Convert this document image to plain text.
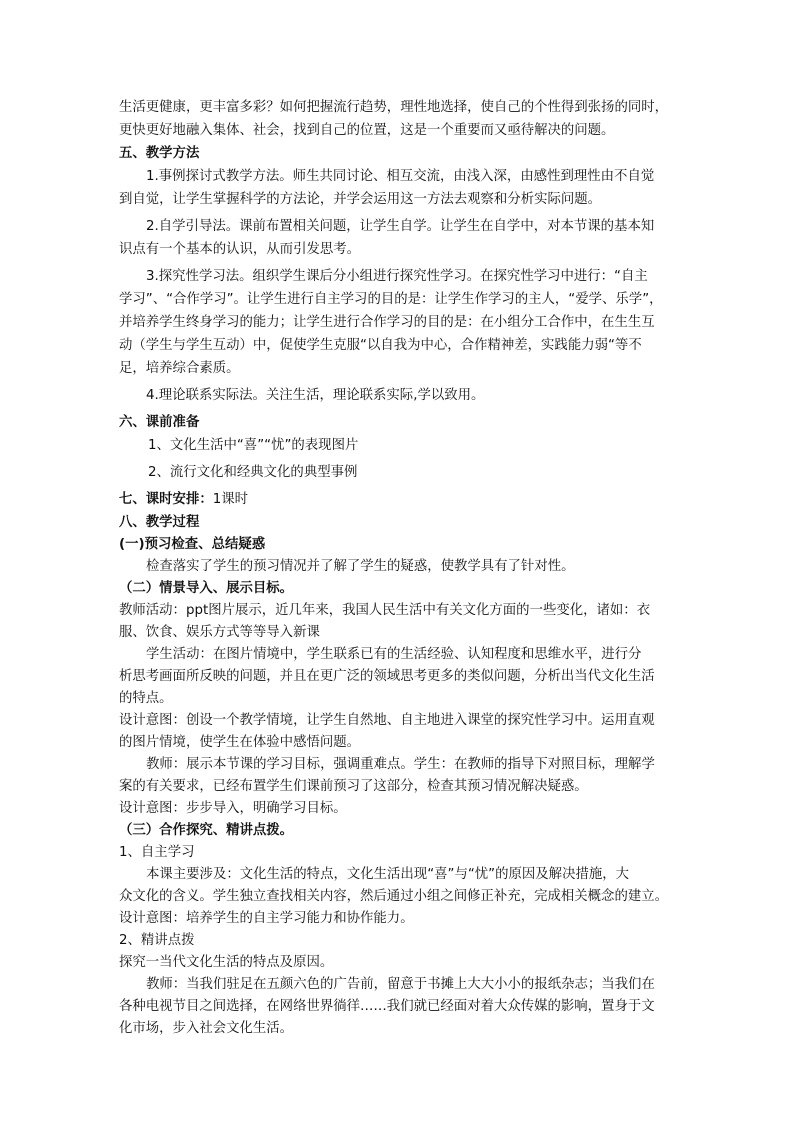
生活更健康，更丰富多彩？如何把握流行趋势，理性地选择，使自己的个性得到张扬的同时，
更快更好地融入集体、社会，找到自己的位置，这是一个重要而又亟待解决的问题。
五、教学方法
1.事例探讨式教学方法。师生共同讨论、相互交流，由浅入深，由感性到理性由不自觉
到自觉，让学生掌握科学的方法论，并学会运用这一方法去观察和分析实际问题。
2.自学引导法。课前布置相关问题，让学生自学。让学生在自学中，对本节课的基本知
识点有一个基本的认识，从而引发思考。
3.探究性学习法。组织学生课后分小组进行探究性学习。在探究性学习中进行：“自主
学习”、“合作学习”。让学生进行自主学习的目的是：让学生作学习的主人，“爱学、乐学”，
并培养学生终身学习的能力；让学生进行合作学习的目的是：在小组分工合作中，在生生互
动（学生与学生互动）中，促使学生克服“以自我为中心，合作精神差，实践能力弱“等不
足，培养综合素质。
4.理论联系实际法。关注生活，理论联系实际,学以致用。
六、课前准备
1、文化生活中“喜”“忧”的表现图片
2、流行文化和经典文化的典型事例
七、课时安排：1课时
八、教学过程
(一)预习检查、总结疑惑
检查落实了学生的预习情况并了解了学生的疑惑，使教学具有了针对性。
（二）情景导入、展示目标。
教师活动：ppt图片展示，近几年来，我国人民生活中有关文化方面的一些变化，诸如：衣
服、饮食、娱乐方式等等导入新课
学生活动：在图片情境中，学生联系已有的生活经验、认知程度和思维水平，进行分
析思考画面所反映的问题，并且在更广泛的领域思考更多的类似问题，分析出当代文化生活
的特点。
设计意图：创设一个教学情境，让学生自然地、自主地进入课堂的探究性学习中。运用直观
的图片情境，使学生在体验中感悟问题。
教师：展示本节课的学习目标，强调重难点。学生：在教师的指导下对照目标，理解学
案的有关要求，已经布置学生们课前预习了这部分，检查其预习情况解决疑惑。
设计意图：步步导入，明确学习目标。
（三）合作探究、精讲点拨。
1、自主学习
本课主要涉及：文化生活的特点，文化生活出现“喜”与“忧”的原因及解决措施，大
众文化的含义。学生独立查找相关内容，然后通过小组之间修正补充，完成相关概念的建立。
设计意图：培养学生的自主学习能力和协作能力。
2、精讲点拨
探究一当代文化生活的特点及原因。
教师：当我们驻足在五颜六色的广告前，留意于书摊上大大小小的报纸杂志；当我们在
各种电视节目之间选择，在网络世界徜徉……我们就已经面对着大众传媒的影响，置身于文
化市场，步入社会文化生活。
